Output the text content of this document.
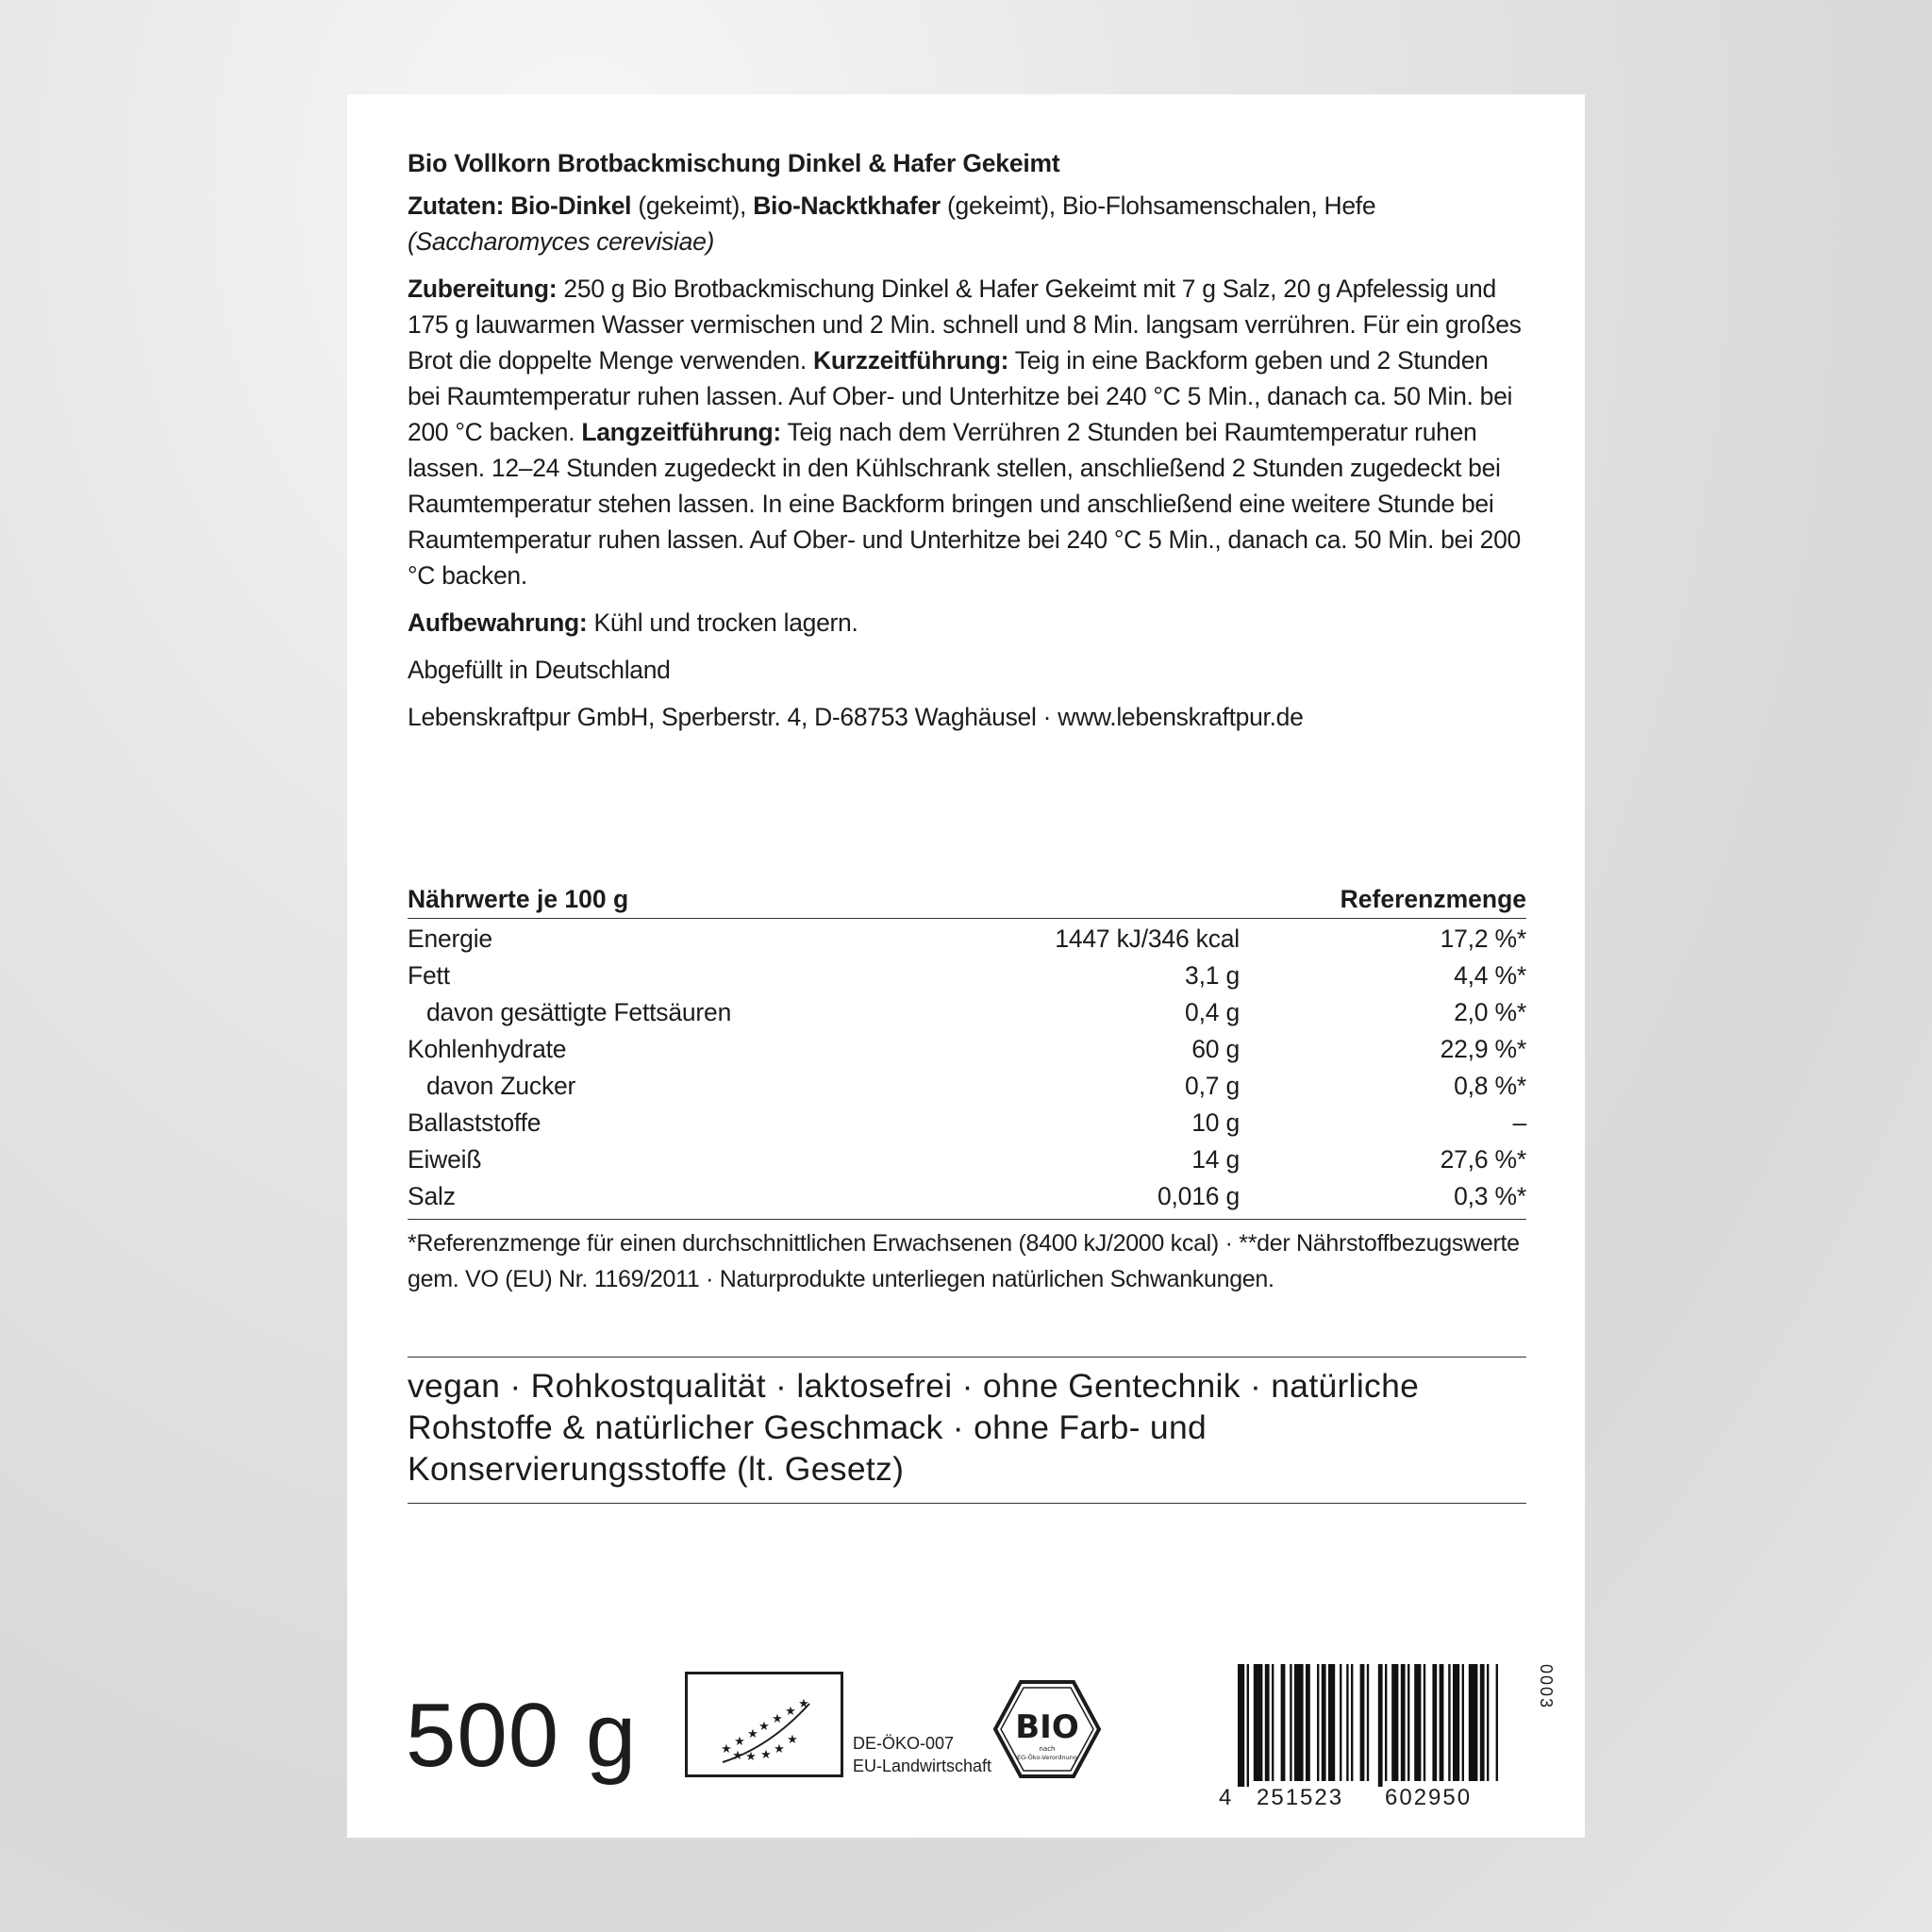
Bio Vollkorn Brotbackmischung Dinkel & Hafer Gekeimt
Zutaten: Bio-Dinkel (gekeimt), Bio-Nacktkhafer (gekeimt), Bio-Flohsamenschalen, Hefe
(Saccharomyces cerevisiae)
Zubereitung: 250 g Bio Brotbackmischung Dinkel & Hafer Gekeimt mit 7 g Salz, 20 g Apfelessig und 175 g lauwarmen Wasser vermischen und 2 Min. schnell und 8 Min. langsam verrühren. Für ein großes Brot die doppelte Menge verwenden. Kurzzeitführung: Teig in eine Backform geben und 2 Stunden bei Raumtemperatur ruhen lassen. Auf Ober- und Unterhitze bei 240 °C 5 Min., danach ca. 50 Min. bei 200 °C backen. Langzeitführung: Teig nach dem Verrühren 2 Stunden bei Raumtemperatur ruhen lassen. 12–24 Stunden zugedeckt in den Kühlschrank stellen, anschließend 2 Stunden zugedeckt bei Raumtemperatur stehen lassen. In eine Backform bringen und anschließend eine weitere Stunde bei Raumtemperatur ruhen lassen. Auf Ober- und Unterhitze bei 240 °C 5 Min., danach ca. 50 Min. bei 200 °C backen.
Aufbewahrung: Kühl und trocken lagern.
Abgefüllt in Deutschland
Lebenskraftpur GmbH, Sperberstr. 4, D-68753 Waghäusel · www.lebenskraftpur.de
Nährwerte je 100 g	Referenzmenge
Energie	1447 kJ/346 kcal	17,2 %*
Fett	3,1 g	4,4 %*
davon gesättigte Fettsäuren	0,4 g	2,0 %*
Kohlenhydrate	60 g	22,9 %*
davon Zucker	0,7 g	0,8 %*
Ballaststoffe	10 g	–
Eiweiß	14 g	27,6 %*
Salz	0,016 g	0,3 %*
*Referenzmenge für einen durchschnittlichen Erwachsenen (8400 kJ/2000 kcal) · **der Nährstoffbezugswerte gem. VO (EU) Nr. 1169/2011 · Naturprodukte unterliegen natürlichen Schwankungen.
vegan · Rohkostqualität · laktosefrei · ohne Gentechnik · natürliche Rohstoffe & natürlicher Geschmack · ohne Farb- und Konservierungsstoffe (lt. Gesetz)
500 g	★
★
★
★
★
★
★
★
★
★
★
★
DE-ÖKO-007
EU-Landwirtschaft
BIO
nach
EG-Öko-Verordnung
4 251523 602950
0003
